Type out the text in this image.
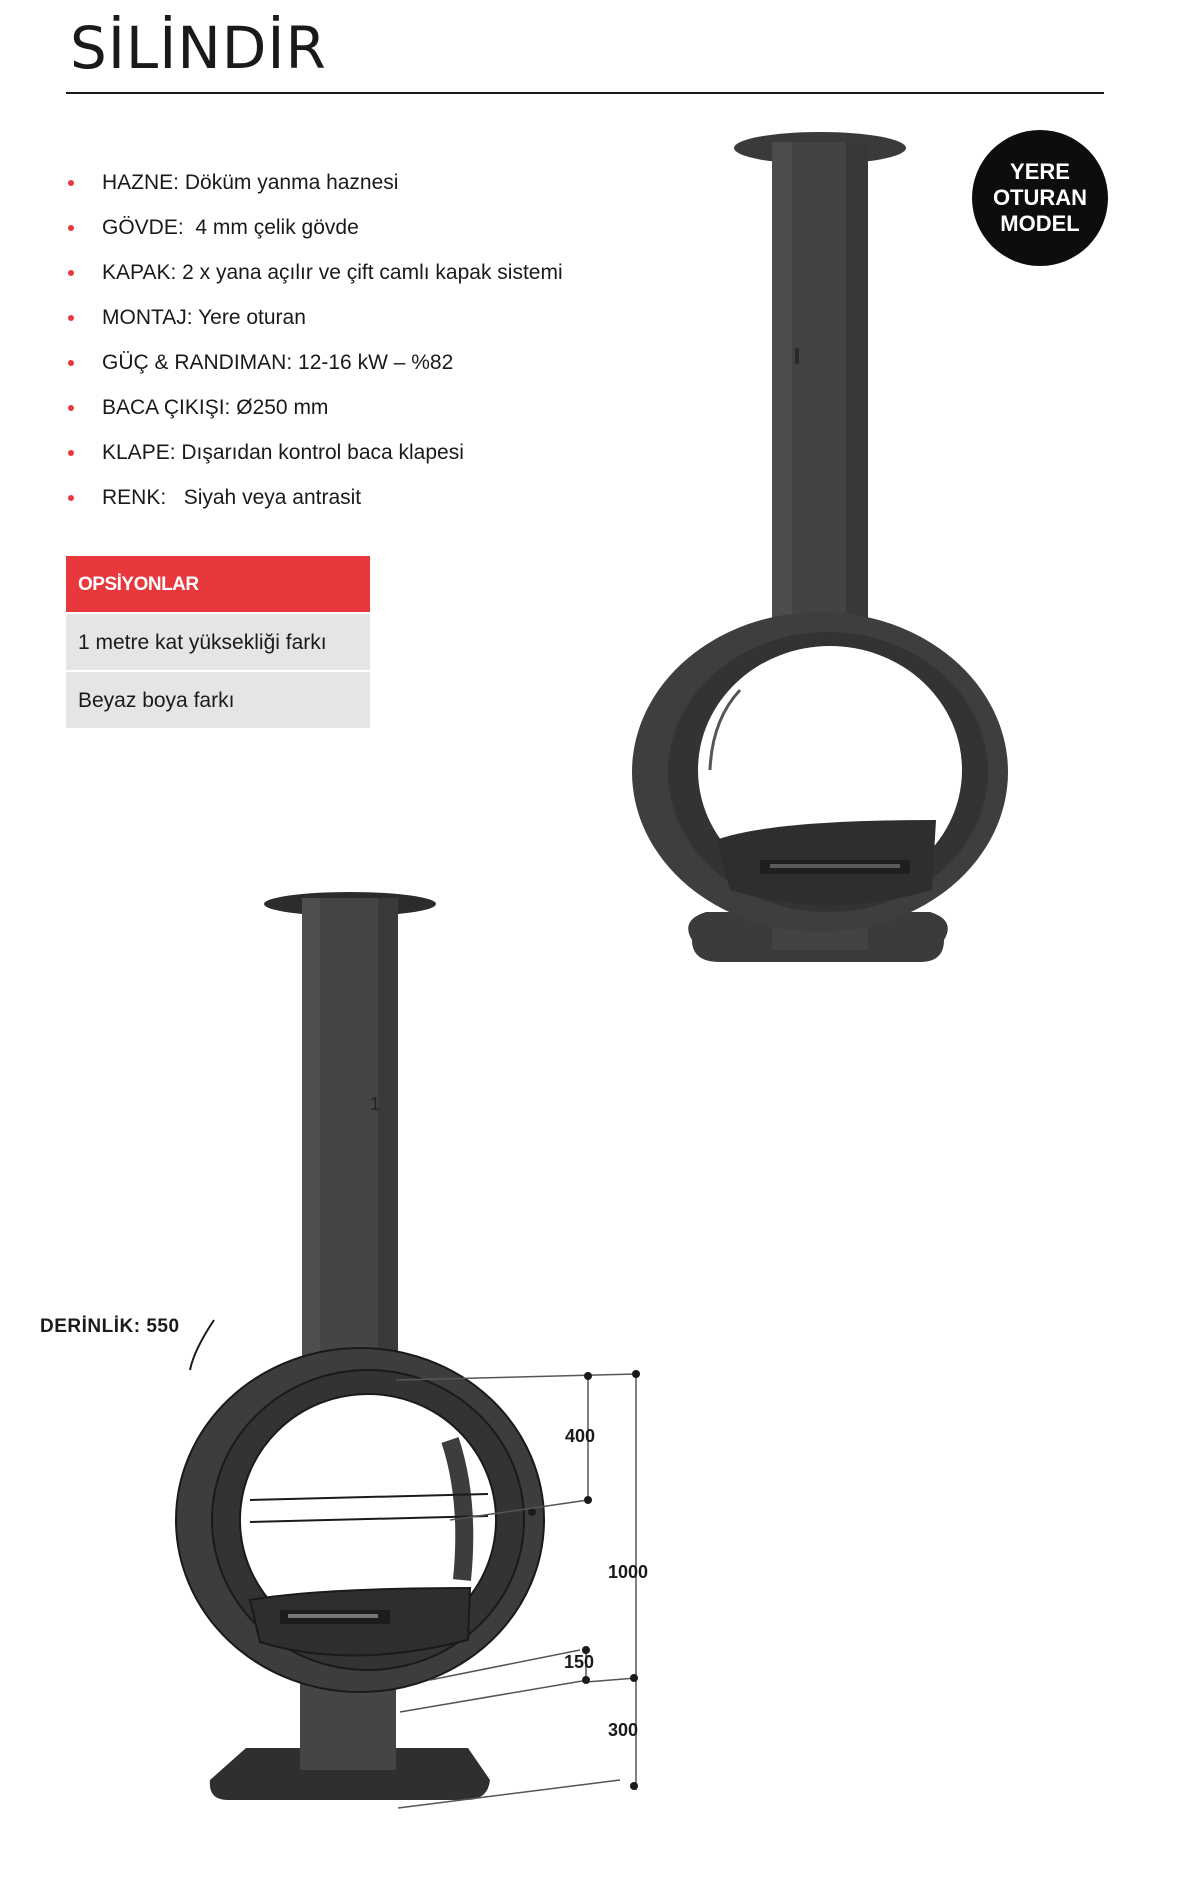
SİLİNDİR
HAZNE: Döküm yanma haznesi
GÖVDE: 4 mm çelik gövde
KAPAK: 2 x yana açılır ve çift camlı kapak sistemi
MONTAJ: Yere oturan
GÜÇ & RANDIMAN: 12-16 kW – %82
BACA ÇIKIŞI: Ø250 mm
KLAPE: Dışarıdan kontrol baca klapesi
RENK: Siyah veya antrasit
OPSİYONLAR
1 metre kat yüksekliği farkı
Beyaz boya farkı
YERE
OTURAN
MODEL
1
400
1000
150
300
DERİNLİK: 550
